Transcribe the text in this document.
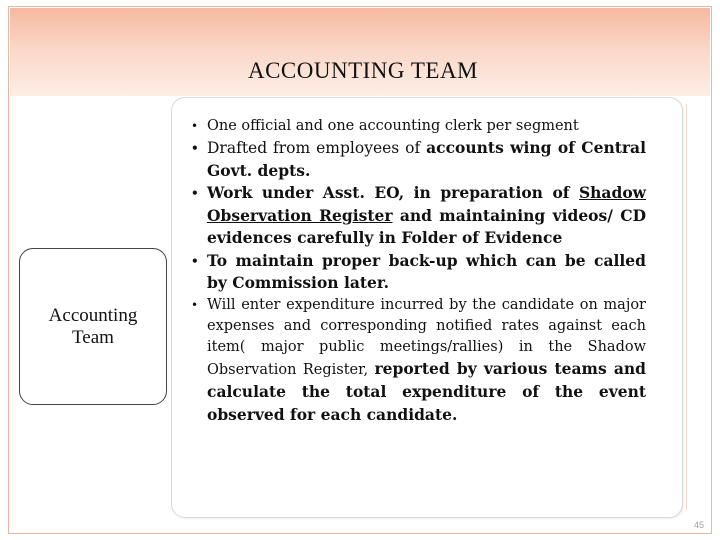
ACCOUNTING TEAM
Accounting
Team
• One official and one accounting clerk per segment
• Drafted from employees of accounts wing of Central Govt. depts.
• Work under Asst. EO, in preparation of Shadow Observation Register and maintaining videos/ CD evidences carefully in Folder of Evidence
• To maintain proper back-up which can be called by Commission later.
• Will enter expenditure incurred by the candidate on major expenses and corresponding notified rates against each item( major public meetings/rallies) in the Shadow Observation Register, reported by various teams and calculate the total expenditure of the event observed for each candidate.
45
